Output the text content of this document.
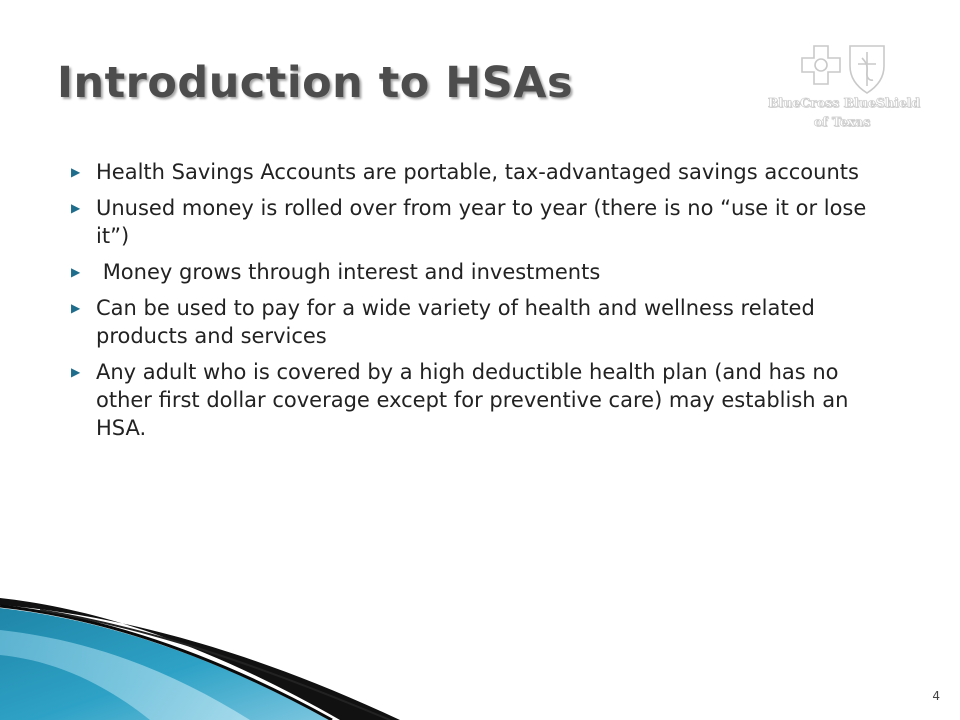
Introduction to HSAs	BlueCross BlueShield
of Texas
▶ Health Savings Accounts are portable, tax-advantaged savings accounts
▶ Unused money is rolled over from year to year (there is no “use it or lose it”)
▶ Money grows through interest and investments
▶ Can be used to pay for a wide variety of health and wellness related products and services
▶ Any adult who is covered by a high deductible health plan (and has no other first dollar coverage except for preventive care) may establish an HSA.
4
